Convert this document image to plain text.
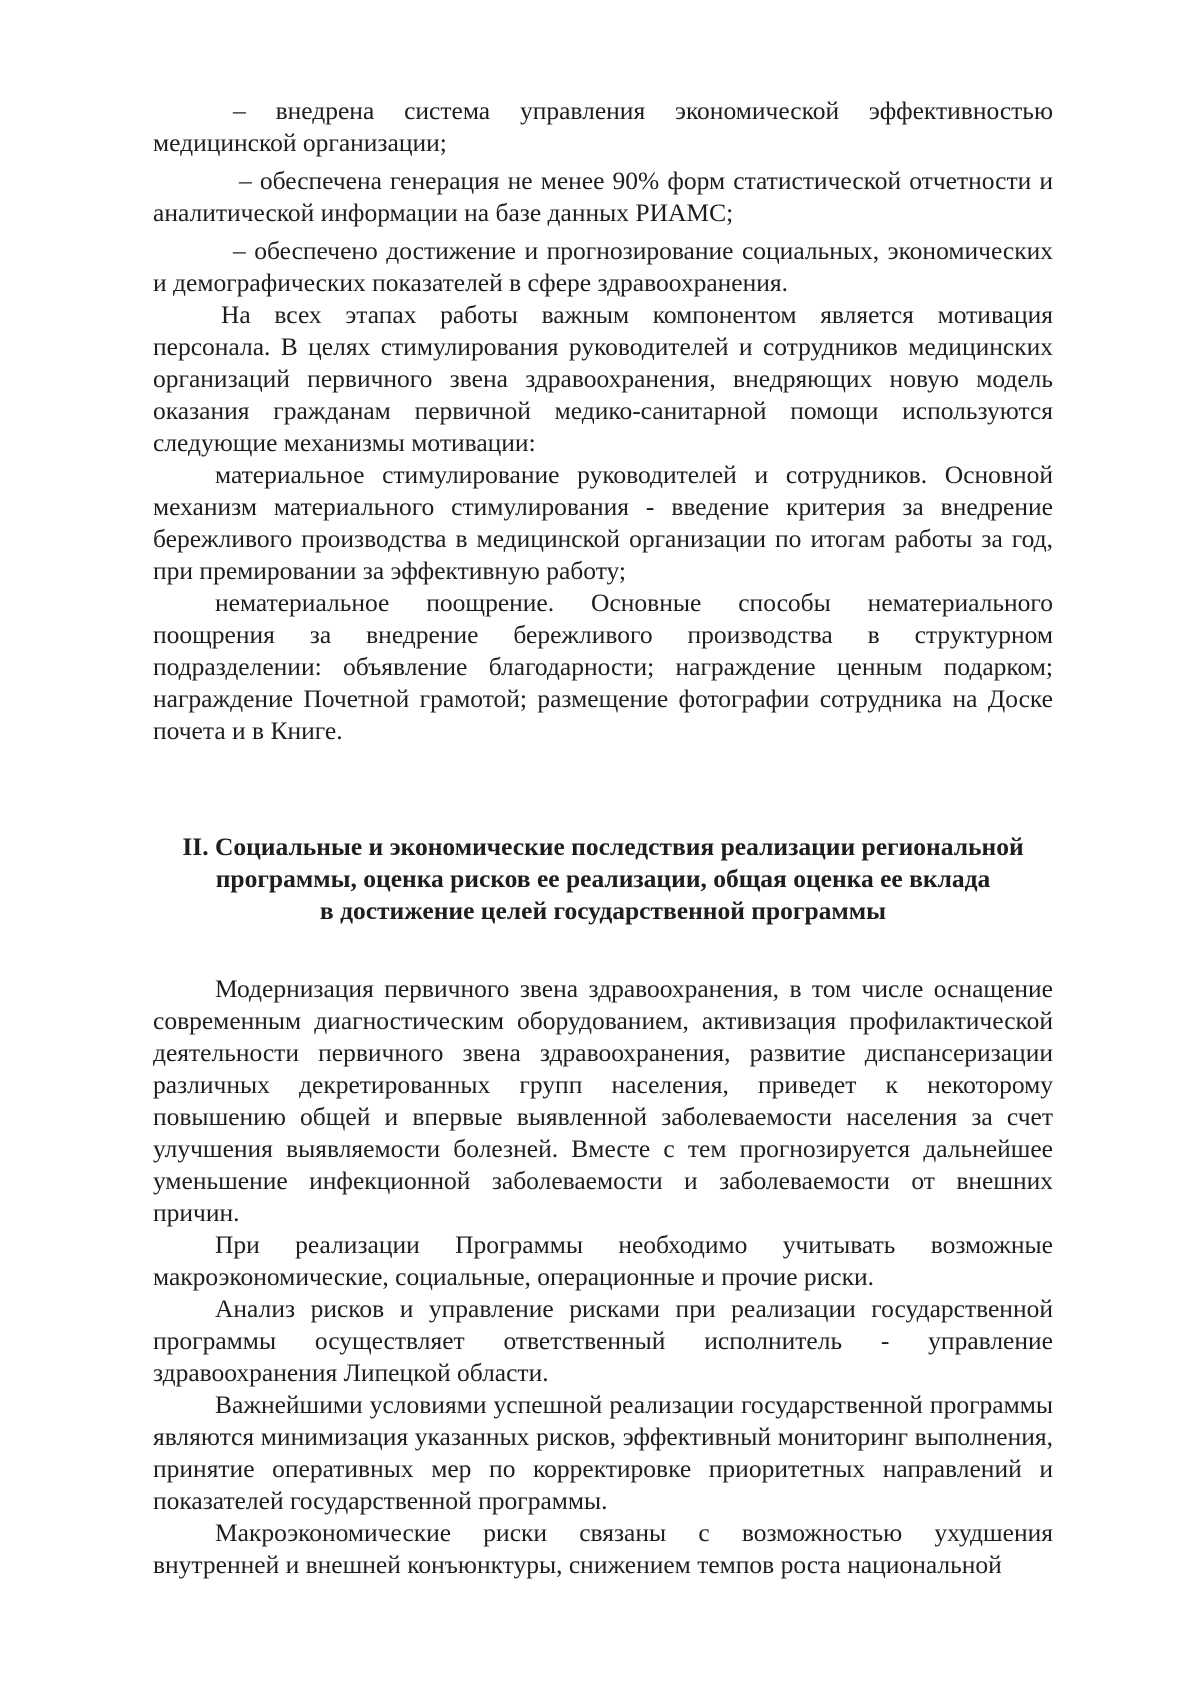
– внедрена система управления экономической эффективностью медицинской организации;

– обеспечена генерация не менее 90% форм статистической отчетности и аналитической информации на базе данных РИАМС;

– обеспечено достижение и прогнозирование социальных, экономических и демографических показателей в сфере здравоохранения.

На всех этапах работы важным компонентом является мотивация персонала. В целях стимулирования руководителей и сотрудников медицинских организаций первичного звена здравоохранения, внедряющих новую модель оказания гражданам первичной медико-санитарной помощи используются следующие механизмы мотивации:

материальное стимулирование руководителей и сотрудников. Основной механизм материального стимулирования - введение критерия за внедрение бережливого производства в медицинской организации по итогам работы за год, при премировании за эффективную работу;

нематериальное поощрение. Основные способы нематериального поощрения за внедрение бережливого производства в структурном подразделении: объявление благодарности; награждение ценным подарком; награждение Почетной грамотой; размещение фотографии сотрудника на Доске почета и в Книге.

II. Социальные и экономические последствия реализации региональной
программы, оценка рисков ее реализации, общая оценка ее вклада
в достижение целей государственной программы

Модернизация первичного звена здравоохранения, в том числе оснащение современным диагностическим оборудованием, активизация профилактической деятельности первичного звена здравоохранения, развитие диспансеризации различных декретированных групп населения, приведет к некоторому повышению общей и впервые выявленной заболеваемости населения за счет улучшения выявляемости болезней. Вместе с тем прогнозируется дальнейшее уменьшение инфекционной заболеваемости и заболеваемости от внешних причин.

При реализации Программы необходимо учитывать возможные макроэкономические, социальные, операционные и прочие риски.

Анализ рисков и управление рисками при реализации государственной программы осуществляет ответственный исполнитель - управление здравоохранения Липецкой области.

Важнейшими условиями успешной реализации государственной программы являются минимизация указанных рисков, эффективный мониторинг выполнения, принятие оперативных мер по корректировке приоритетных направлений и показателей государственной программы.

Макроэкономические риски связаны с возможностью ухудшения внутренней и внешней конъюнктуры, снижением темпов роста национальной
